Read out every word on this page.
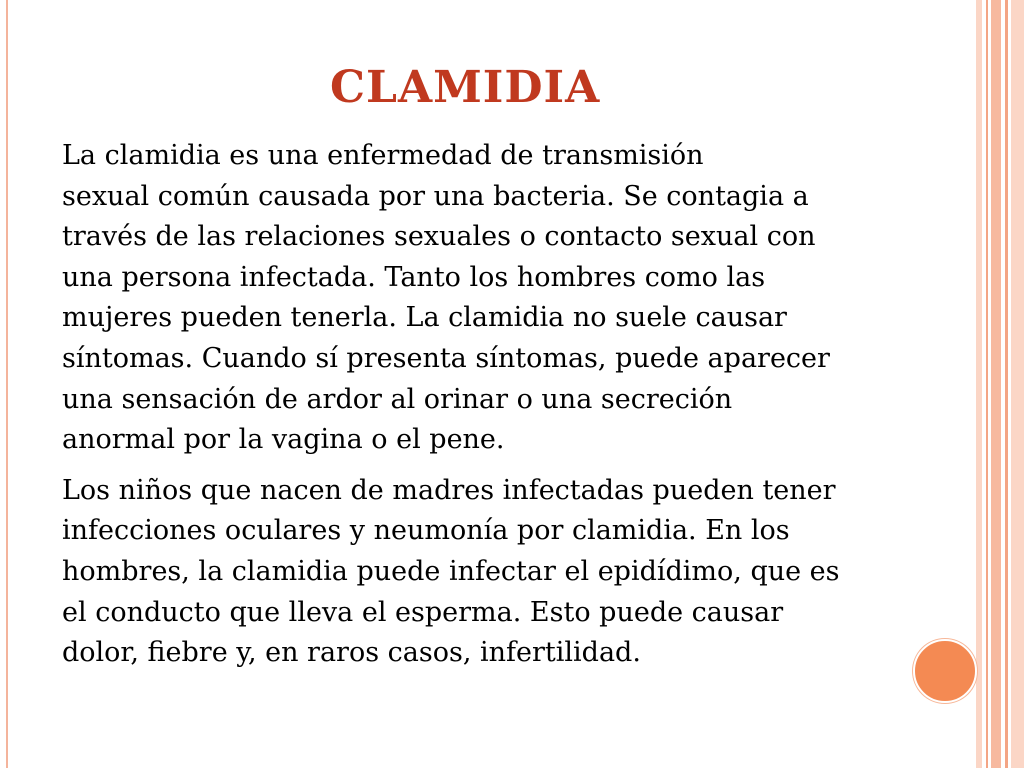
CLAMIDIA

La clamidia es una enfermedad de transmisión
sexual común causada por una bacteria. Se contagia a
través de las relaciones sexuales o contacto sexual con
una persona infectada. Tanto los hombres como las
mujeres pueden tenerla. La clamidia no suele causar
síntomas. Cuando sí presenta síntomas, puede aparecer
una sensación de ardor al orinar o una secreción
anormal por la vagina o el pene.

Los niños que nacen de madres infectadas pueden tener
infecciones oculares y neumonía por clamidia. En los
hombres, la clamidia puede infectar el epidídimo, que es
el conducto que lleva el esperma. Esto puede causar
dolor, fiebre y, en raros casos, infertilidad.
